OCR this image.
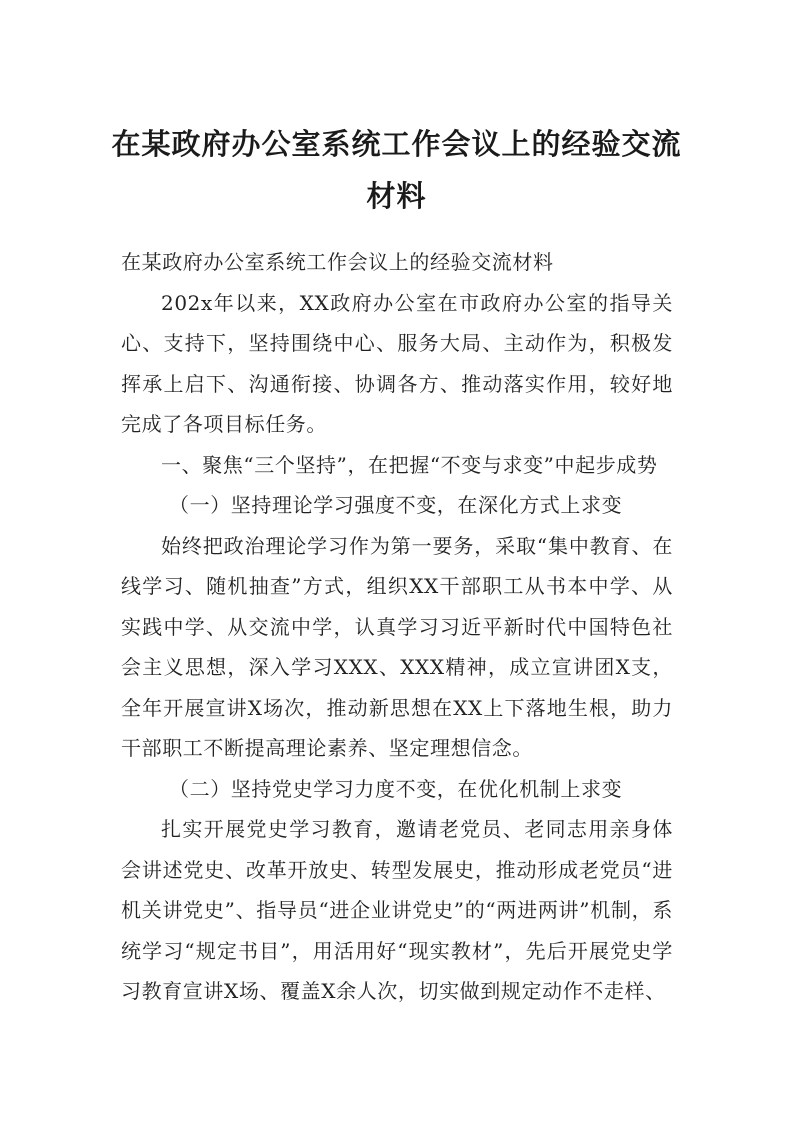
在某政府办公室系统工作会议上的经验交流材料

在某政府办公室系统工作会议上的经验交流材料

202x年以来，XX政府办公室在市政府办公室的指导关心、支持下，坚持围绕中心、服务大局、主动作为，积极发挥承上启下、沟通衔接、协调各方、推动落实作用，较好地完成了各项目标任务。

一、聚焦“三个坚持”，在把握“不变与求变”中起步成势

（一）坚持理论学习强度不变，在深化方式上求变

始终把政治理论学习作为第一要务，采取“集中教育、在线学习、随机抽查”方式，组织XX干部职工从书本中学、从实践中学、从交流中学，认真学习习近平新时代中国特色社会主义思想，深入学习XXX、XXX精神，成立宣讲团X支，全年开展宣讲X场次，推动新思想在XX上下落地生根，助力干部职工不断提高理论素养、坚定理想信念。

（二）坚持党史学习力度不变，在优化机制上求变

扎实开展党史学习教育，邀请老党员、老同志用亲身体会讲述党史、改革开放史、转型发展史，推动形成老党员“进机关讲党史”、指导员“进企业讲党史”的“两进两讲”机制，系统学习“规定书目”，用活用好“现实教材”，先后开展党史学习教育宣讲X场、覆盖X余人次，切实做到规定动作不走样、
